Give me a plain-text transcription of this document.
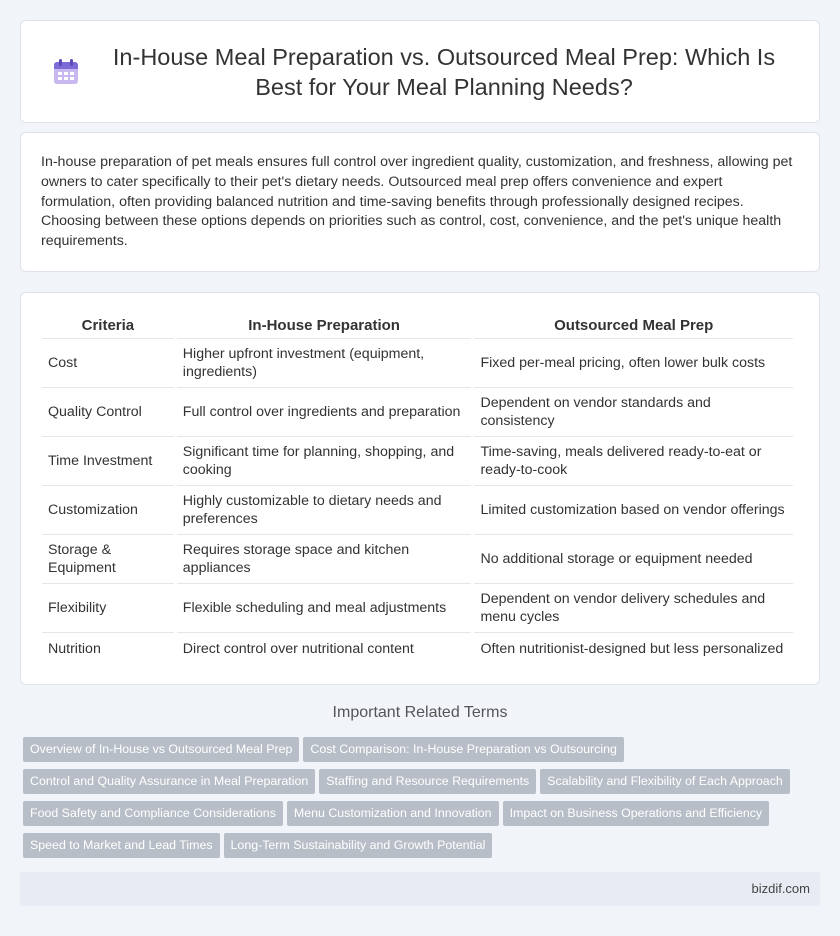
In-House Meal Preparation vs. Outsourced Meal Prep: Which Is Best for Your Meal Planning Needs?

In-house preparation of pet meals ensures full control over ingredient quality, customization, and freshness, allowing pet owners to cater specifically to their pet's dietary needs. Outsourced meal prep offers convenience and expert formulation, often providing balanced nutrition and time-saving benefits through professionally designed recipes. Choosing between these options depends on priorities such as control, cost, convenience, and the pet's unique health requirements.

Criteria	In-House Preparation	Outsourced Meal Prep
Cost	Higher upfront investment (equipment, ingredients)	Fixed per-meal pricing, often lower bulk costs
Quality Control	Full control over ingredients and preparation	Dependent on vendor standards and consistency
Time Investment	Significant time for planning, shopping, and cooking	Time-saving, meals delivered ready-to-eat or ready-to-cook
Customization	Highly customizable to dietary needs and preferences	Limited customization based on vendor offerings
Storage & Equipment	Requires storage space and kitchen appliances	No additional storage or equipment needed
Flexibility	Flexible scheduling and meal adjustments	Dependent on vendor delivery schedules and menu cycles
Nutrition	Direct control over nutritional content	Often nutritionist-designed but less personalized
Important Related Terms
Overview of In-House vs Outsourced Meal Prep Cost Comparison: In-House Preparation vs Outsourcing
Control and Quality Assurance in Meal Preparation Staffing and Resource Requirements Scalability and Flexibility of Each Approach
Food Safety and Compliance Considerations Menu Customization and Innovation Impact on Business Operations and Efficiency
Speed to Market and Lead Times Long-Term Sustainability and Growth Potential
bizdif.com
